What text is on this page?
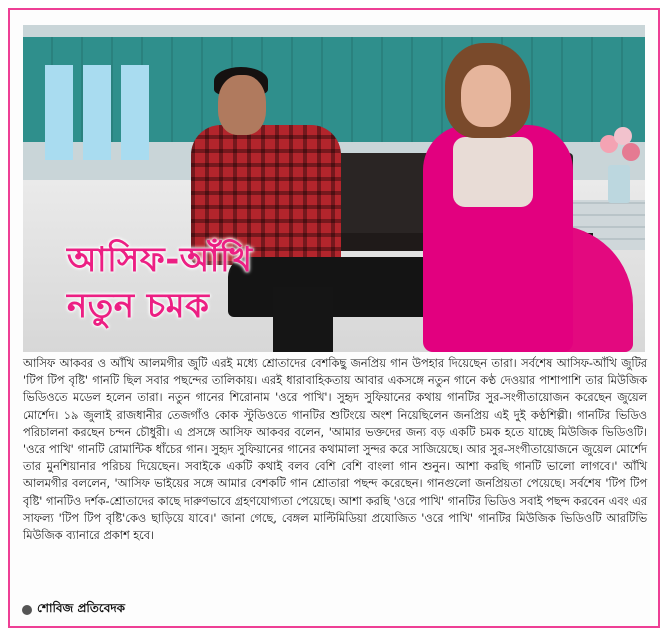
আসিফ-আঁখি
নতুন চমক

আসিফ আকবর ও আঁখি আলমগীর জুটি এরই মধ্যে শ্রোতাদের বেশকিছু জনপ্রিয় গান উপহার দিয়েছেন তারা। সর্বশেষ আসিফ-আঁখি জুটির 'টিপ টিপ বৃষ্টি' গানটি ছিল সবার পছন্দের তালিকায়। এরই ধারাবাহিকতায় আবার একসঙ্গে নতুন গানে কণ্ঠ দেওয়ার পাশাপাশি তার মিউজিক ভিডিওতে মডেল হলেন তারা। নতুন গানের শিরোনাম 'ওরে পাখি'। সুহৃদ সুফিয়ানের কথায় গানটির সুর-সংগীতায়োজন করেছেন জুয়েল মোর্শেদ। ১৯ জুলাই রাজধানীর তেজগাঁও কোক স্টুডিওতে গানটির শুটিংয়ে অংশ নিয়েছিলেন জনপ্রিয় এই দুই কণ্ঠশিল্পী। গানটির ভিডিও পরিচালনা করছেন চন্দন চৌধুরী। এ প্রসঙ্গে আসিফ আকবর বলেন, 'আমার ভক্তদের জন্য বড় একটি চমক হতে যাচ্ছে মিউজিক ভিডিওটি। 'ওরে পাখি' গানটি রোমান্টিক ধাঁচের গান। সুহৃদ সুফিয়ানের গানের কথামালা সুন্দর করে সাজিয়েছে। আর সুর-সংগীতায়োজনে জুয়েল মোর্শেদ তার মুনশিয়ানার পরিচয় দিয়েছেন। সবাইকে একটি কথাই বলব বেশি বেশি বাংলা গান শুনুন। আশা করছি গানটি ভালো লাগবে।' আঁখি আলমগীর বললেন, 'আসিফ ভাইয়ের সঙ্গে আমার বেশকটি গান শ্রোতারা পছন্দ করেছেন। গানগুলো জনপ্রিয়তা পেয়েছে। সর্বশেষ 'টিপ টিপ বৃষ্টি' গানটিও দর্শক-শ্রোতাদের কাছে দারুণভাবে গ্রহণযোগ্যতা পেয়েছে। আশা করছি 'ওরে পাখি' গানটির ভিডিও সবাই পছন্দ করবেন এবং এর সাফল্য 'টিপ টিপ বৃষ্টি'কেও ছাড়িয়ে যাবে।' জানা গেছে, বেঙ্গল মাল্টিমিডিয়া প্রযোজিত 'ওরে পাখি' গানটির মিউজিক ভিডিওটি আরটিভি মিউজিক ব্যানারে প্রকাশ হবে।

শোবিজ প্রতিবেদক
